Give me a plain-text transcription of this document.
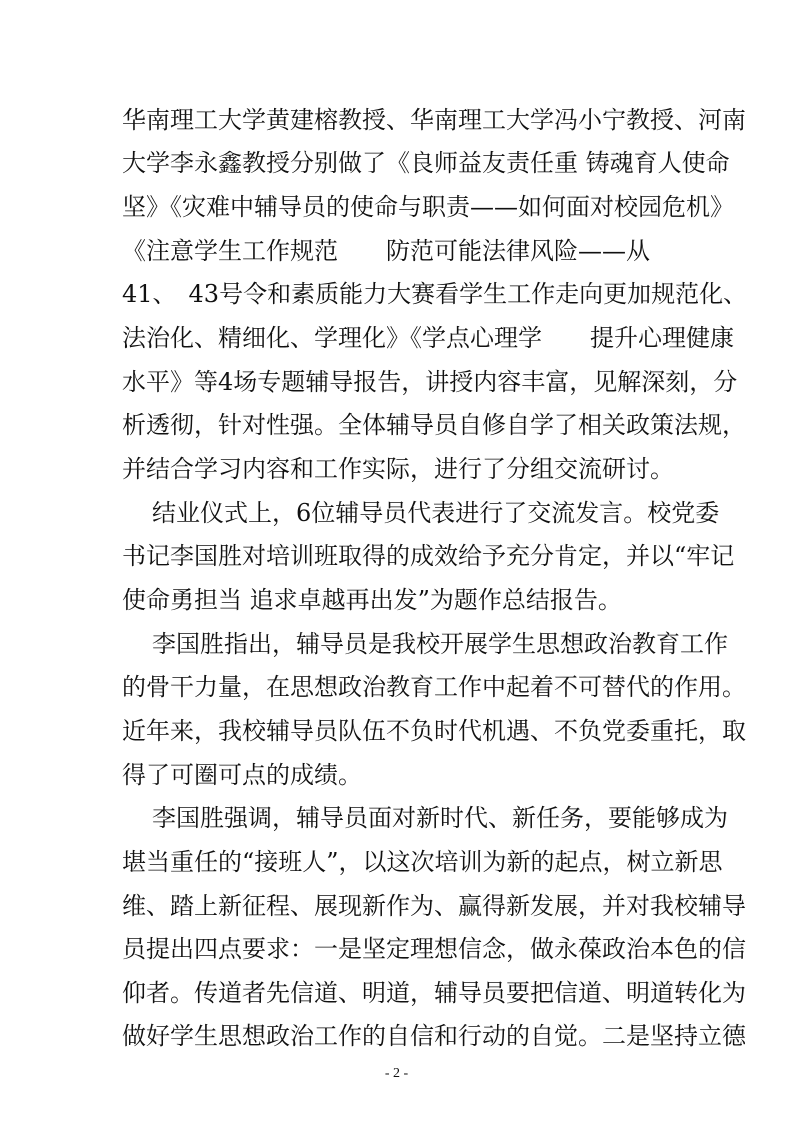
华南理工大学黄建榕教授、华南理工大学冯小宁教授、河南
大学李永鑫教授分别做了《良师益友责任重 铸魂育人使命
坚》《灾难中辅导员的使命与职责——如何面对校园危机》
《注意学生工作规范　　防范可能法律风险——从
41、　43号令和素质能力大赛看学生工作走向更加规范化、
法治化、精细化、学理化》《学点心理学　　提升心理健康
水平》等4场专题辅导报告，讲授内容丰富，见解深刻，分
析透彻，针对性强。全体辅导员自修自学了相关政策法规，
并结合学习内容和工作实际，进行了分组交流研讨。
结业仪式上，6位辅导员代表进行了交流发言。校党委
书记李国胜对培训班取得的成效给予充分肯定，并以“牢记
使命勇担当 追求卓越再出发”为题作总结报告。
李国胜指出，辅导员是我校开展学生思想政治教育工作
的骨干力量，在思想政治教育工作中起着不可替代的作用。
近年来，我校辅导员队伍不负时代机遇、不负党委重托，取
得了可圈可点的成绩。
李国胜强调，辅导员面对新时代、新任务，要能够成为
堪当重任的“接班人”，以这次培训为新的起点，树立新思
维、踏上新征程、展现新作为、赢得新发展，并对我校辅导
员提出四点要求：一是坚定理想信念，做永葆政治本色的信
仰者。传道者先信道、明道，辅导员要把信道、明道转化为
做好学生思想政治工作的自信和行动的自觉。二是坚持立德
- 2 -
